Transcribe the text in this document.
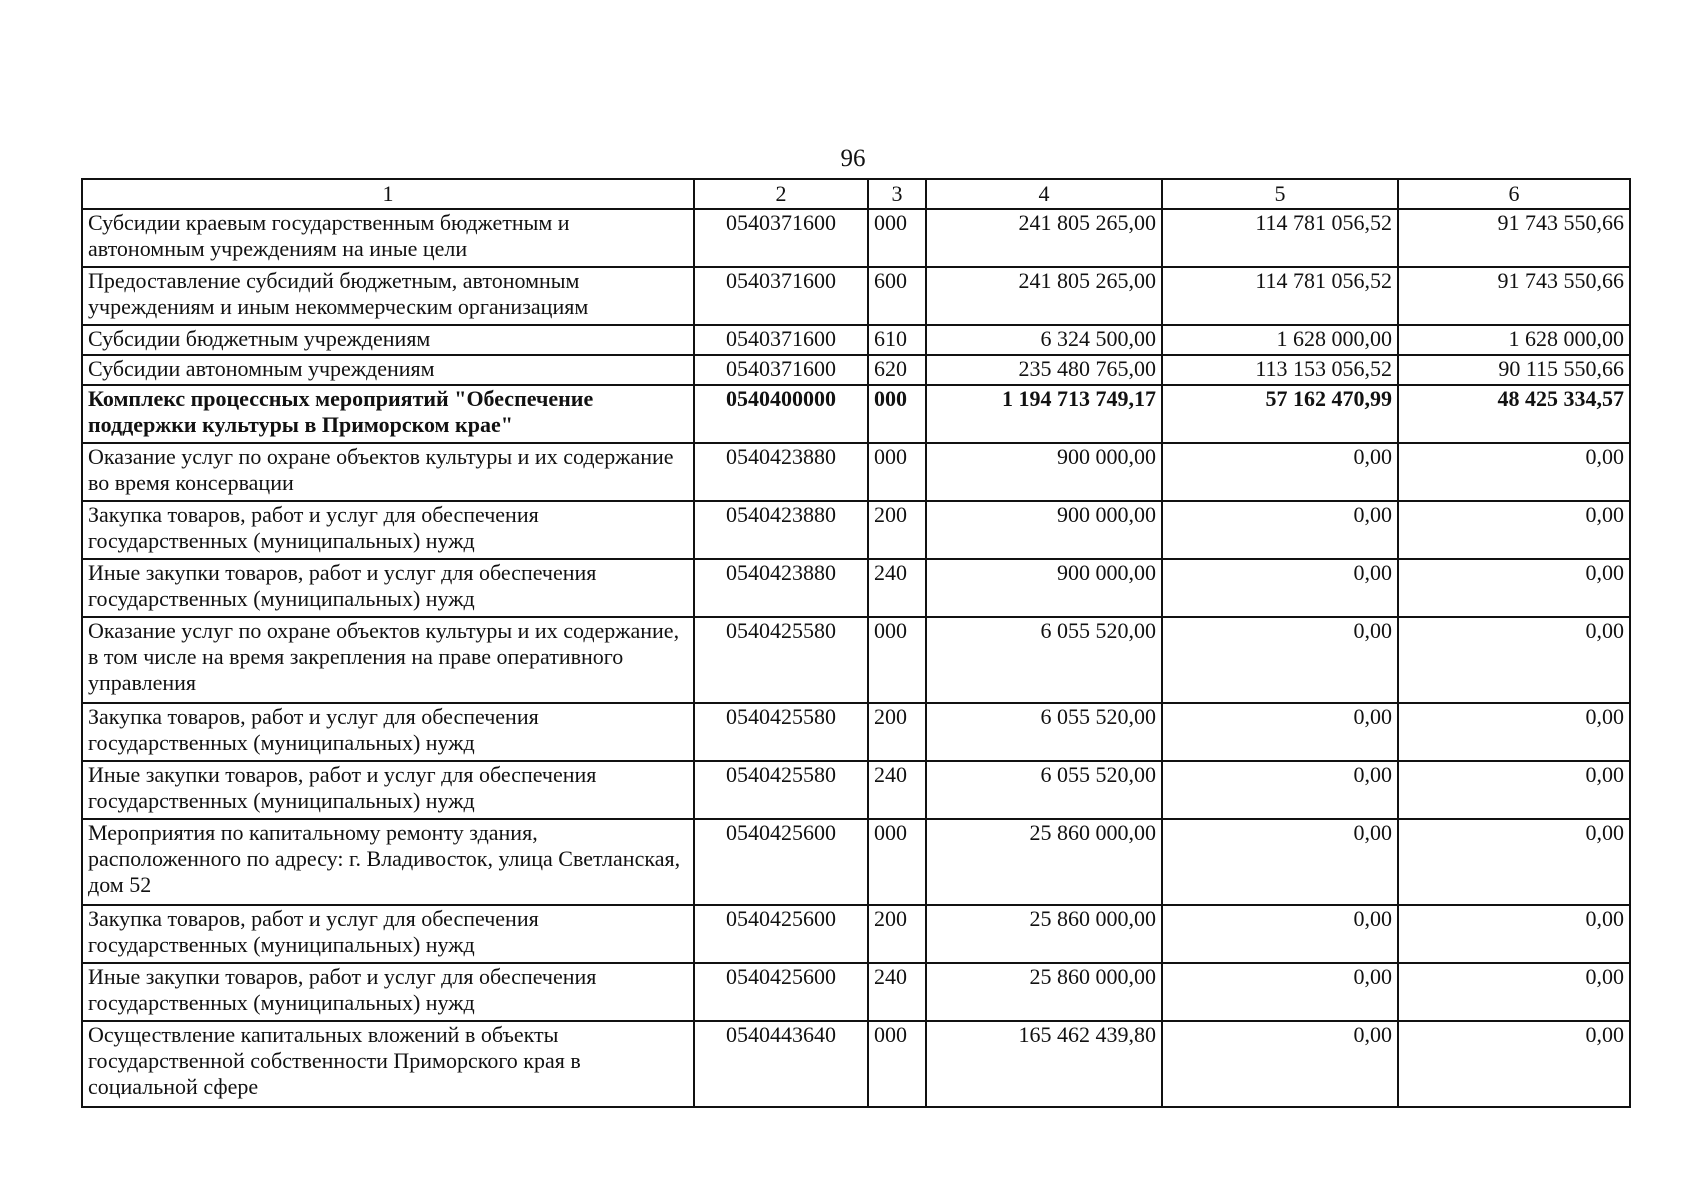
96
1	2	3	4	5	6
Субсидии краевым государственным бюджетным и автономным учреждениям на иные цели	0540371600	000	241 805 265,00	114 781 056,52	91 743 550,66
Предоставление субсидий бюджетным, автономным учреждениям и иным некоммерческим организациям	0540371600	600	241 805 265,00	114 781 056,52	91 743 550,66
Субсидии бюджетным учреждениям	0540371600	610	6 324 500,00	1 628 000,00	1 628 000,00
Субсидии автономным учреждениям	0540371600	620	235 480 765,00	113 153 056,52	90 115 550,66
Комплекс процессных мероприятий "Обеспечение поддержки культуры в Приморском крае"	0540400000	000	1 194 713 749,17	57 162 470,99	48 425 334,57
Оказание услуг по охране объектов культуры и их содержание во время консервации	0540423880	000	900 000,00	0,00	0,00
Закупка товаров, работ и услуг для обеспечения государственных (муниципальных) нужд	0540423880	200	900 000,00	0,00	0,00
Иные закупки товаров, работ и услуг для обеспечения государственных (муниципальных) нужд	0540423880	240	900 000,00	0,00	0,00
Оказание услуг по охране объектов культуры и их содержание, в том числе на время закрепления на праве оперативного управления	0540425580	000	6 055 520,00	0,00	0,00
Закупка товаров, работ и услуг для обеспечения государственных (муниципальных) нужд	0540425580	200	6 055 520,00	0,00	0,00
Иные закупки товаров, работ и услуг для обеспечения государственных (муниципальных) нужд	0540425580	240	6 055 520,00	0,00	0,00
Мероприятия по капитальному ремонту здания, расположенного по адресу: г. Владивосток, улица Светланская, дом 52	0540425600	000	25 860 000,00	0,00	0,00
Закупка товаров, работ и услуг для обеспечения государственных (муниципальных) нужд	0540425600	200	25 860 000,00	0,00	0,00
Иные закупки товаров, работ и услуг для обеспечения государственных (муниципальных) нужд	0540425600	240	25 860 000,00	0,00	0,00
Осуществление капитальных вложений в объекты государственной собственности Приморского края в социальной сфере	0540443640	000	165 462 439,80	0,00	0,00
